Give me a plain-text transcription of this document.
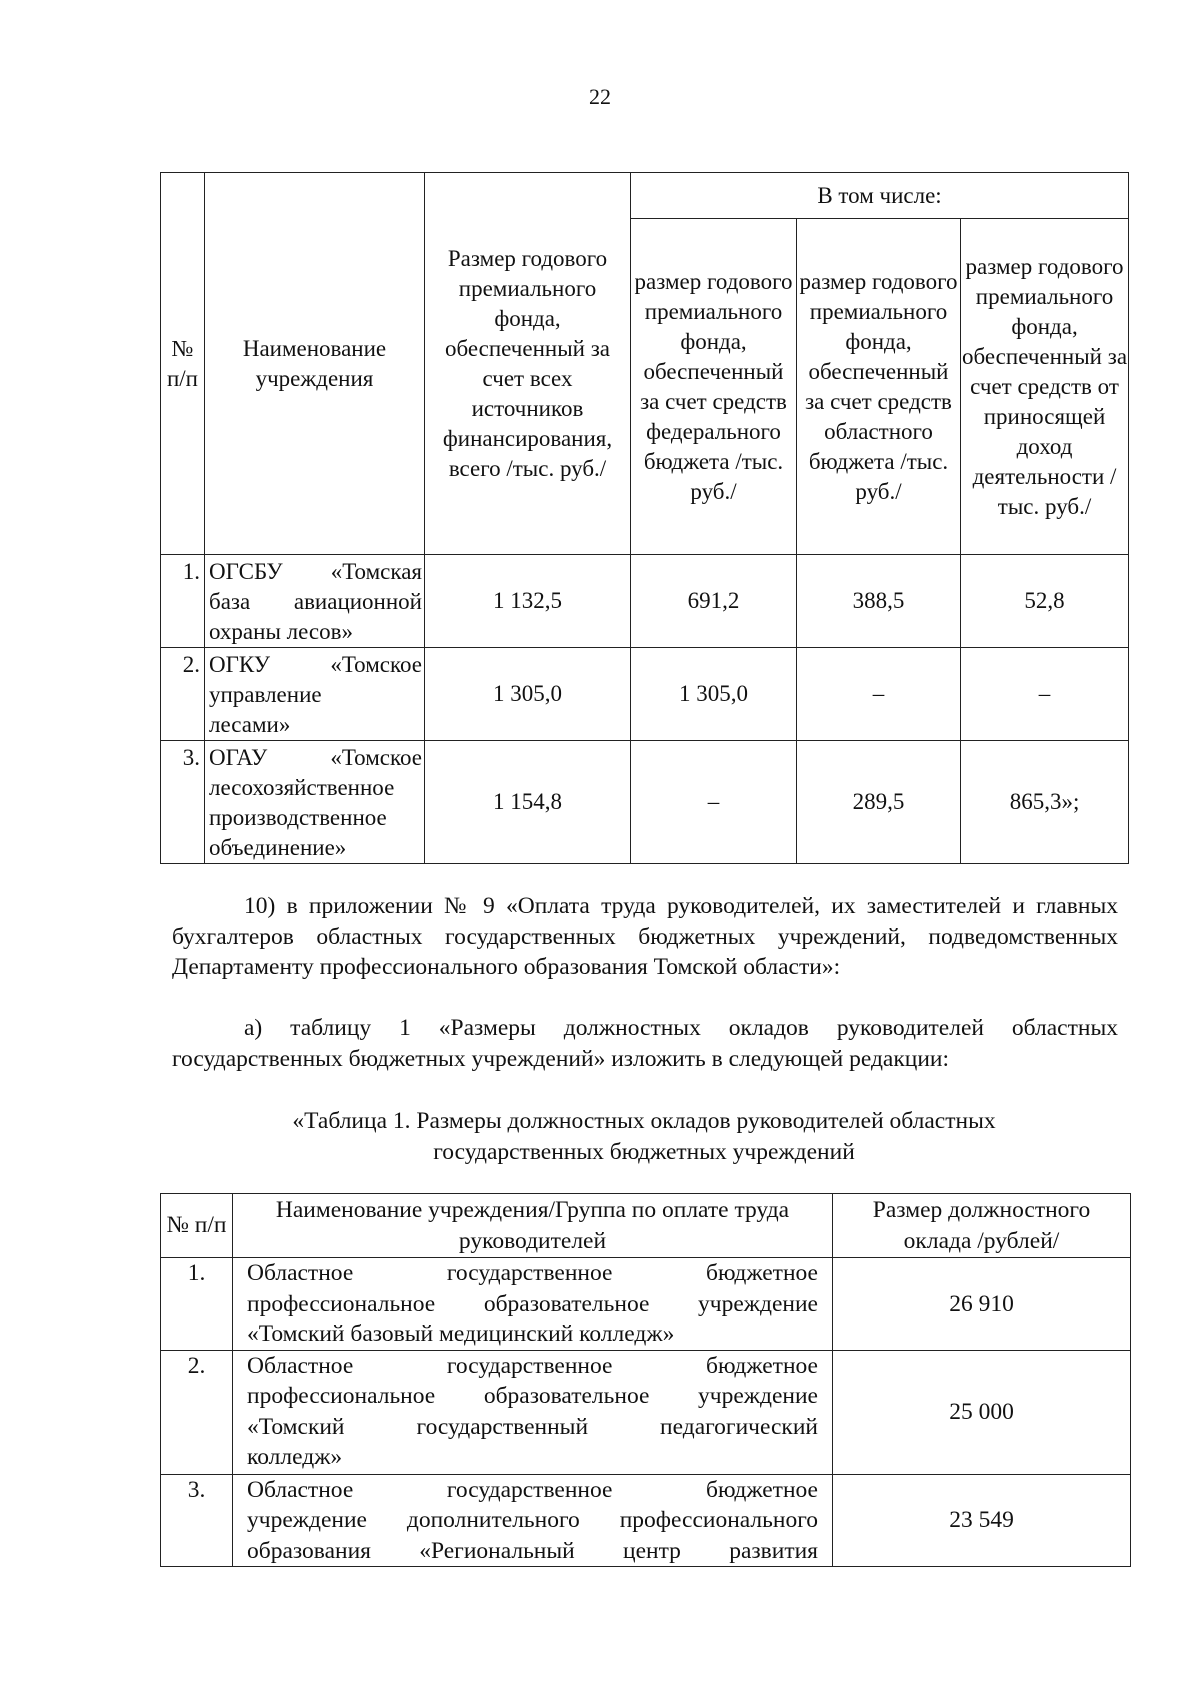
22
№ п/п	Наименование учреждения	Размер годового премиального фонда, обеспеченный за счет всех источников финансирования, всего /тыс. руб./	В том числе:		
			размер годового премиального фонда, обеспеченный за счет средств федерального бюджета /тыс. руб./	размер годового премиального фонда, обеспеченный за счет средств областного бюджета /тыс. руб./	размер годового премиального фонда, обеспеченный за счет средств от приносящей доход деятельности /тыс. руб./
1.	ОГСБУ «Томская
база авиационной
охраны лесов»	1 132,5	691,2	388,5	52,8
2.	ОГКУ «Томское
управление
лесами»	1 305,0	1 305,0	–	–
3.	ОГАУ «Томское
лесохозяйственное
производственное
объединение»	1 154,8	–	289,5	865,3»;
10) в приложении № 9 «Оплата труда руководителей, их заместителей и главных бухгалтеров областных государственных бюджетных учреждений, подведомственных Департаменту профессионального образования Томской области»:
а) таблицу 1 «Размеры должностных окладов руководителей областных государственных бюджетных учреждений» изложить в следующей редакции:
«Таблица 1. Размеры должностных окладов руководителей областных
государственных бюджетных учреждений
№ п/п	Наименование учреждения/Группа по оплате труда руководителей	Размер должностного оклада /рублей/
1.	Областное государственное бюджетное
профессиональное образовательное учреждение
«Томский базовый медицинский колледж»	26 910
2.	Областное государственное бюджетное
профессиональное образовательное учреждение
«Томский государственный педагогический
колледж»	25 000
3.	Областное государственное бюджетное
учреждение дополнительного профессионального
образования «Региональный центр развития	23 549
